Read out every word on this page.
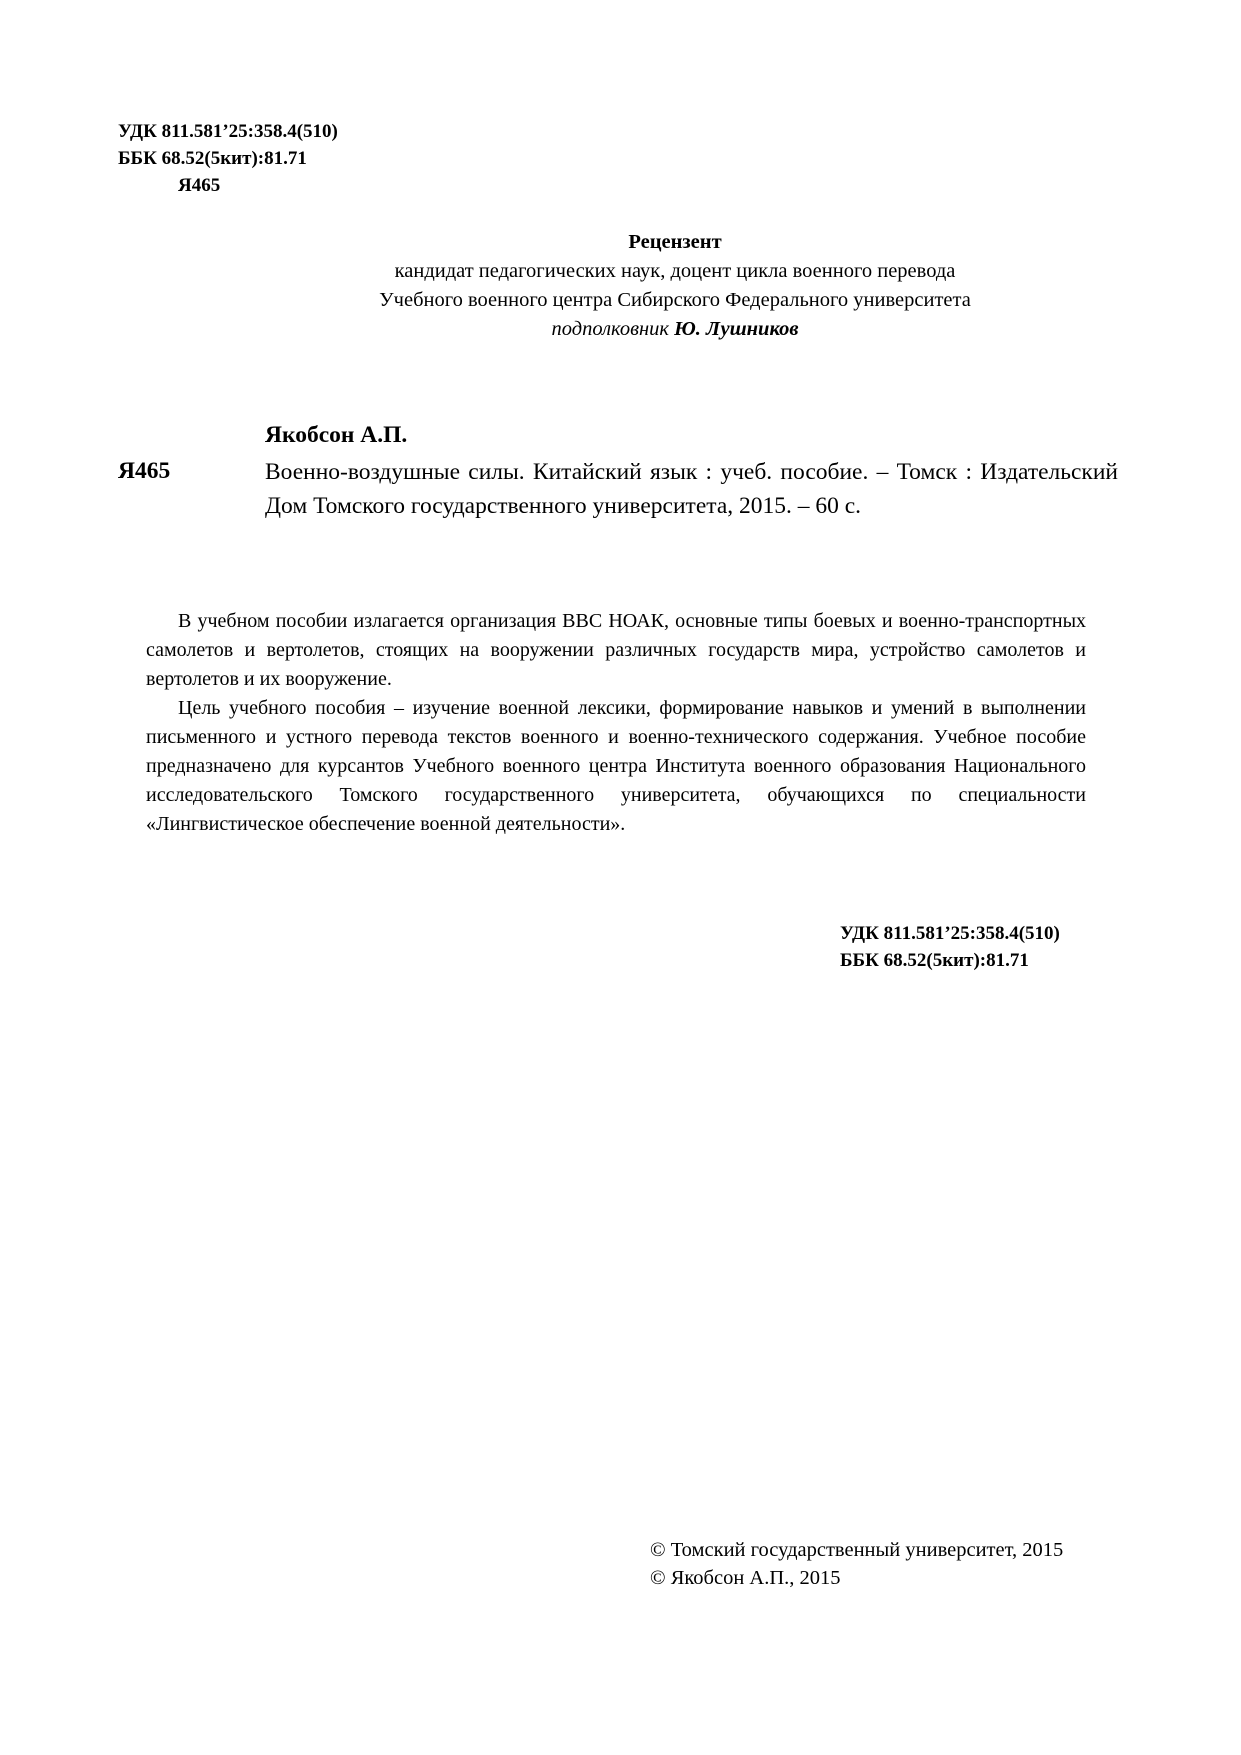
УДК 811.581’25:358.4(510)
ББК 68.52(5кит):81.71
Я465
Рецензент
кандидат педагогических наук, доцент цикла военного перевода
Учебного военного центра Сибирского Федерального университета
подполковник Ю. Лушников
Якобсон А.П.
Я465	Военно-воздушные силы. Китайский язык : учеб. пособие. – Томск : Издательский Дом Томского государственного университета, 2015. – 60 с.

В учебном пособии излагается организация ВВС НОАК, основные типы боевых и военно-транспортных самолетов и вертолетов, стоящих на вооружении различных государств мира, устройство самолетов и вертолетов и их вооружение.

Цель учебного пособия – изучение военной лексики, формирование навыков и умений в выполнении письменного и устного перевода текстов военного и военно-технического содержания. Учебное пособие предназначено для курсантов Учебного военного центра Института военного образования Национального исследовательского Томского государственного университета, обучающихся по специальности «Лингвистическое обеспечение военной деятельности».

УДК 811.581’25:358.4(510)
ББК 68.52(5кит):81.71
© Томский государственный университет, 2015
© Якобсон А.П., 2015
